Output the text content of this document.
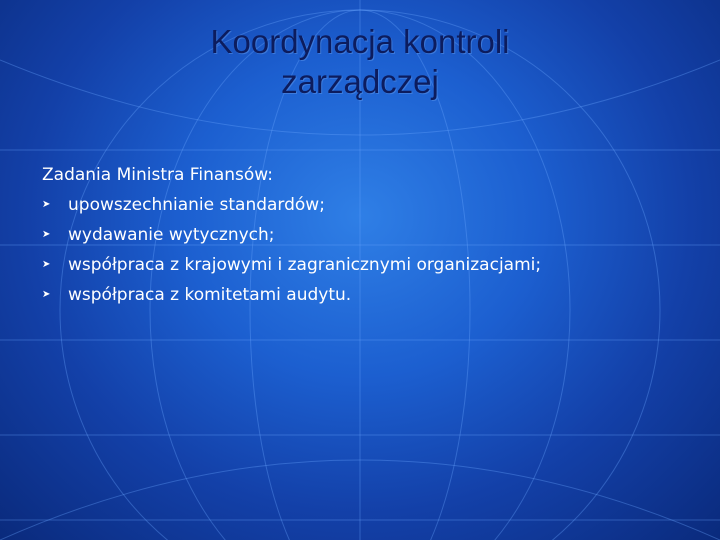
Koordynacja kontroli
zarządczej
Zadania Ministra Finansów:
➤	upowszechnianie standardów;
➤	wydawanie wytycznych;
➤	współpraca z krajowymi i zagranicznymi organizacjami;
➤	współpraca z komitetami audytu.
